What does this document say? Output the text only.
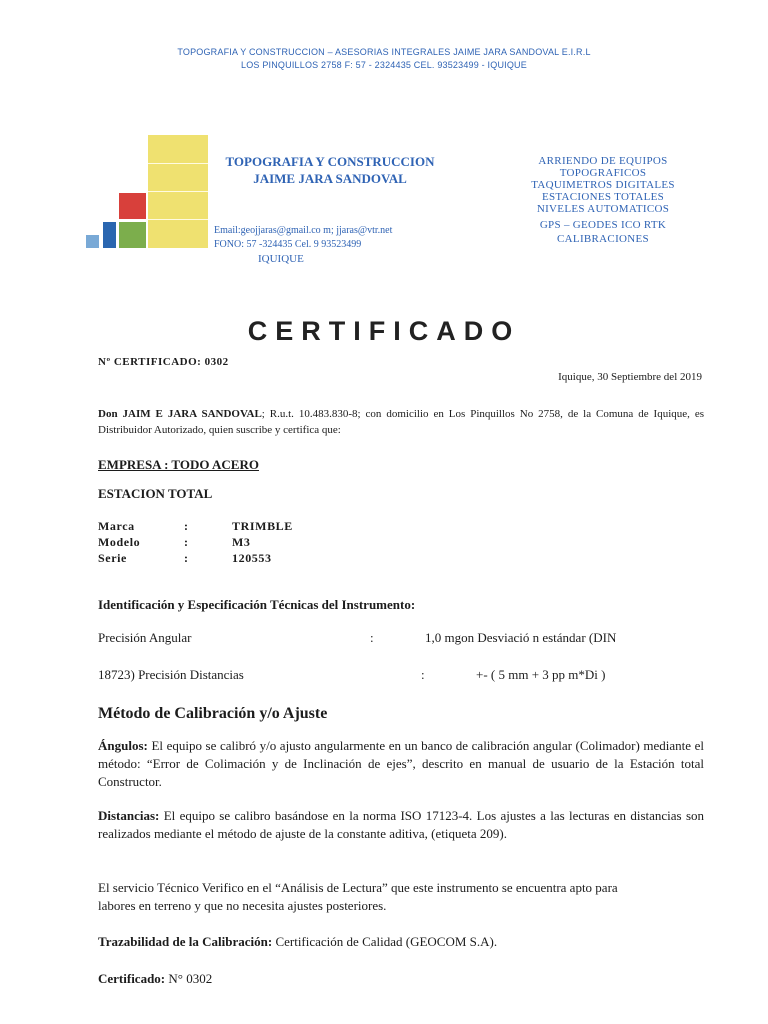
TOPOGRAFIA Y CONSTRUCCION – ASESORIAS INTEGRALES JAIME JARA SANDOVAL E.I.R.L
LOS PINQUILLOS 2758 F: 57 - 2324435 CEL. 93523499 - IQUIQUE
TOPOGRAFIA Y CONSTRUCCION
JAIME JARA SANDOVAL
ARRIENDO DE EQUIPOS
TOPOGRAFICOS
TAQUIMETROS DIGITALES
ESTACIONES TOTALES
NIVELES AUTOMATICOS
GPS – GEODES ICO RTK
CALIBRACIONES
Email:geojjaras@gmail.co m; jjaras@vtr.net
FONO: 57 -324435 Cel. 9 93523499
IQUIQUE
CERTIFICADO
Nº CERTIFICADO: 0302
Iquique, 30 Septiembre del 2019
Don JAIM E JARA SANDOVAL; R.u.t. 10.483.830-8; con domicilio en Los Pinquillos No 2758, de la Comuna de Iquique, es Distribuidor Autorizado, quien suscribe y certifica que:
EMPRESA : TODO ACERO
ESTACION TOTAL
Marca	:	TRIMBLE
Modelo	:	M3
Serie	:	120553
Identificación y Especificación Técnicas del Instrumento:
Precisión Angular	:	1,0 mgon Desviació n estándar (DIN
18723) Precisión Distancias	:	+- ( 5 mm + 3 pp m*Di )
Método de Calibración y/o Ajuste
Ángulos: El equipo se calibró y/o ajusto angularmente en un banco de calibración angular (Colimador) mediante el método: “Error de Colimación y de Inclinación de ejes”, descrito en manual de usuario de la Estación total Constructor.
Distancias: El equipo se calibro basándose en la norma ISO 17123-4. Los ajustes a las lecturas en distancias son realizados mediante el método de ajuste de la constante aditiva, (etiqueta 209).
El servicio Técnico Verifico en el “Análisis de Lectura” que este instrumento se encuentra apto para labores en terreno y que no necesita ajustes posteriores.
Trazabilidad de la Calibración: Certificación de Calidad (GEOCOM S.A).
Certificado: N° 0302
